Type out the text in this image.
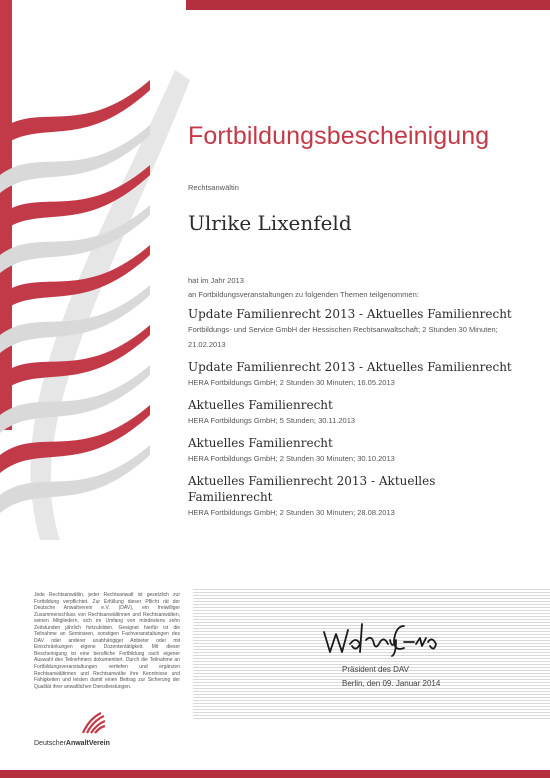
Fortbildungsbescheinigung
Rechtsanwältin
Ulrike Lixenfeld
hat im Jahr 2013
an Fortbildungsveranstaltungen zu folgenden Themen teilgenommen:
Update Familienrecht 2013 - Aktuelles Familienrecht
Fortbildungs- und Service GmbH der Hessischen Rechtsanwaltschaft; 2 Stunden 30 Minuten; 21.02.2013
Update Familienrecht 2013 - Aktuelles Familienrecht
HERA Fortbildungs GmbH; 2 Stunden 30 Minuten; 16.05.2013
Aktuelles Familienrecht
HERA Fortbildungs GmbH; 5 Stunden; 30.11.2013
Aktuelles Familienrecht
HERA Fortbildungs GmbH; 2 Stunden 30 Minuten; 30.10.2013
Aktuelles Familienrecht 2013 - Aktuelles Familienrecht
HERA Fortbildungs GmbH; 2 Stunden 30 Minuten; 28.08.2013

Jede Rechtsanwältin, jeder Rechtsanwalt ist gesetzlich zur Fortbildung verpflichtet. Zur Erfüllung dieser Pflicht rät der Deutsche Anwaltverein e.V. (DAV), ein freiwilliger Zusammenschluss von Rechtsanwältinnen und Rechtsanwälten, seinen Mitgliedern, sich im Umfang von mindestens zehn Zeitstunden jährlich fortzubilden. Geeignet hierfür ist die Teilnahme an Seminaren, sonstigen Fachveranstaltungen des DAV oder anderer unabhängiger Anbieter oder mit Einschränkungen eigene Dozententätigkeit. Mit dieser Bescheinigung ist eine berufliche Fortbildung nach eigener Auswahl des Teilnehmers dokumentiert. Durch die Teilnahme an Fortbildungsveranstaltungen vertiefen und ergänzen Rechtsanwältinnen und Rechtsanwälte ihre Kenntnisse und Fähigkeiten und leisten damit einen Beitrag zur Sicherung der Qualität ihrer anwaltlichen Dienstleistungen.

Präsident des DAV
Berlin, den 09. Januar 2014
DeutscherAnwaltVerein
